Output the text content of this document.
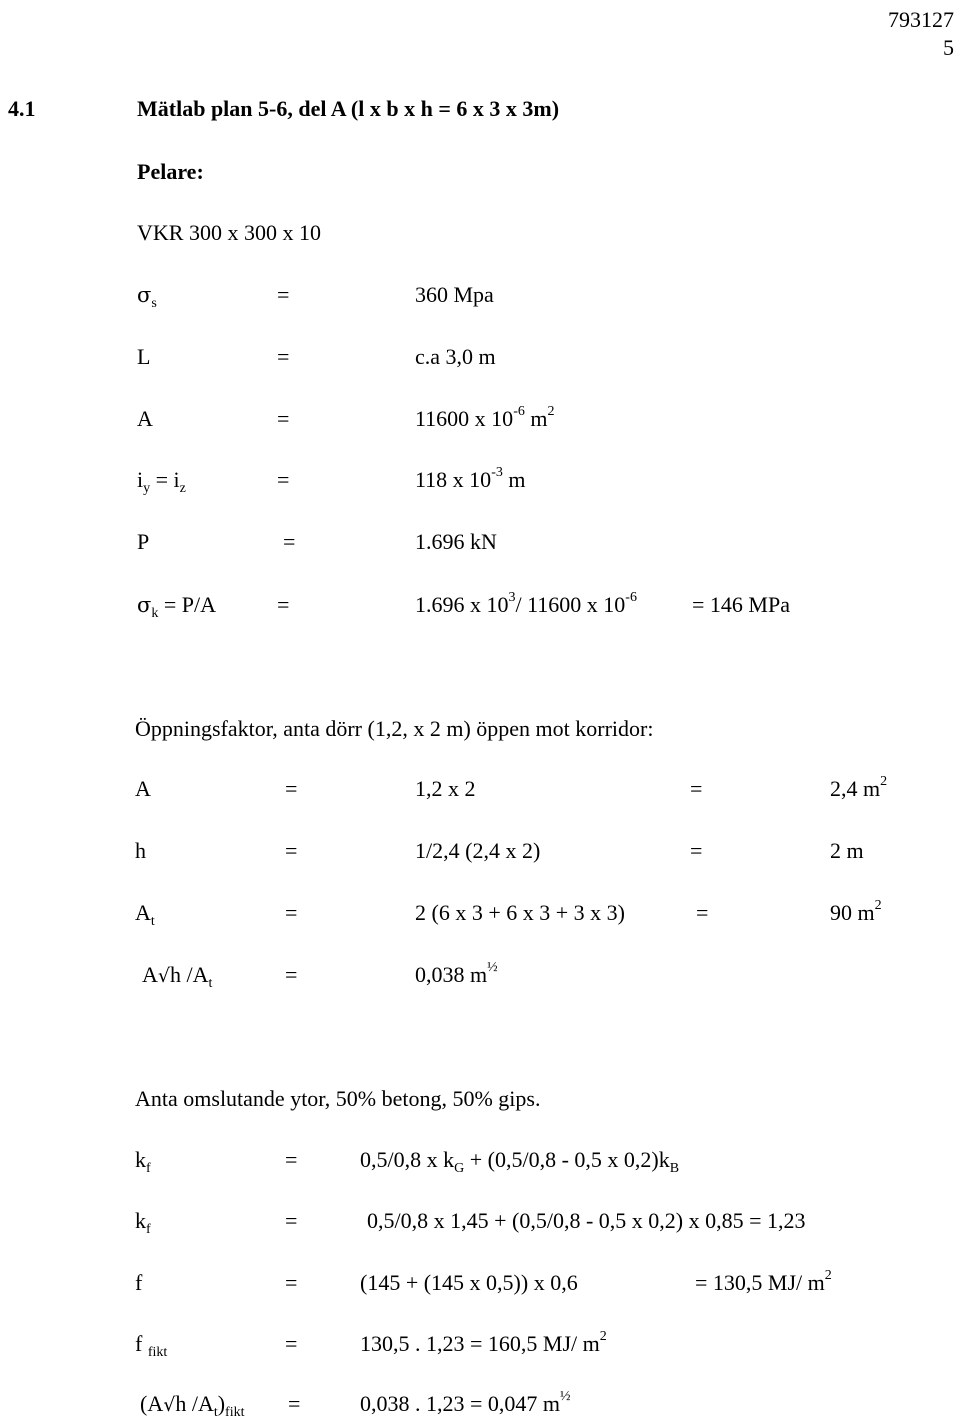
793127
5
4.1	Mätlab plan 5-6, del A (l x b x h = 6 x 3 x 3m)
Pelare:
VKR 300 x 300 x 10
$\sigma_s$	=	360 Mpa
L	=	c.a 3,0 m
A	=	11600 x $10^{-6}$ $m^2$
$i_y = i_z$	=	118 x $10^{-3}$ m
P	=	1.696 kN
$\sigma_k = P/A$	=	1.696 x $10^3/$ 11600 x $10^{-6}$	= 146 MPa
Öppningsfaktor, anta dörr (1,2, x 2 m) öppen mot korridor:
A	=	1,2 x 2	=	2,4 $m^2$
h	=	1/2,4 (2,4 x 2)	=	2 m
$A_t$	=	2 (6 x 3 + 6 x 3 + 3 x 3)	=	90 $m^2$
A√h $/A_t$	=	0,038 $m^{\frac{1}{2}}$
Anta omslutande ytor, 50% betong, 50% gips.
$k_f$	=	0,5/0,8 x $k_G + (0,5/0,8 - 0,5$ x $0,2)k_B$
$k_f$	=	0,5/0,8 x 1,45 + (0,5/0,8 - 0,5 x 0,2) x 0,85 = 1,23
f	=	(145 + (145 x 0,5)) x 0,6	= 130,5 MJ/ $m^2$
f $_{fikt}$	=	130,5 . 1,23 = 160,5 MJ/ $m^2$
(A√h $/A_t)_{fikt}$ =	0,038 . 1,23 = 0,047 $m^{\frac{1}{2}}$
